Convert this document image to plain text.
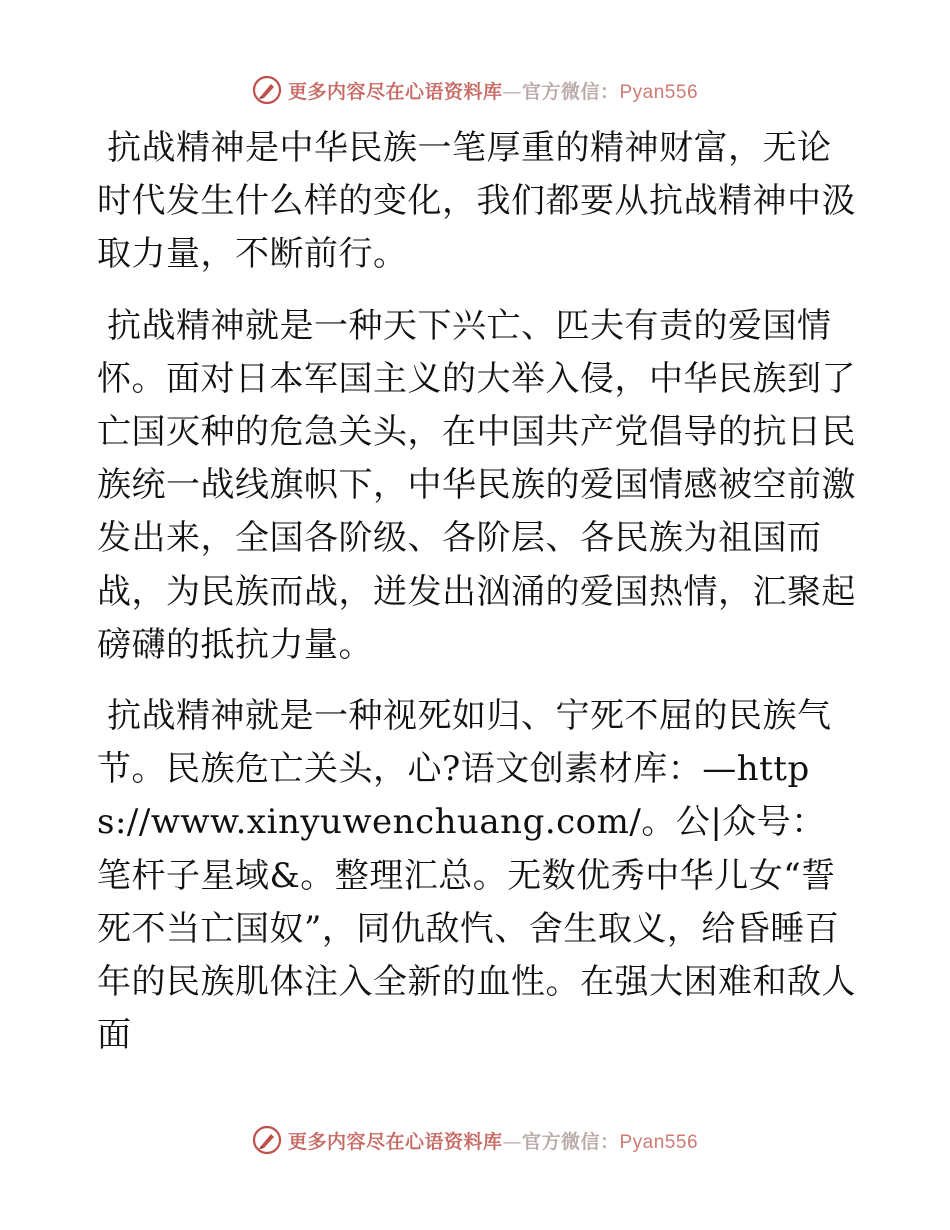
更多内容尽在心语资料库—官方微信：Pyan556

抗战精神是中华民族一笔厚重的精神财富，无论时代发生什么样的变化，我们都要从抗战精神中汲取力量，不断前行。

抗战精神就是一种天下兴亡、匹夫有责的爱国情怀。面对日本军国主义的大举入侵，中华民族到了亡国灭种的危急关头，在中国共产党倡导的抗日民族统一战线旗帜下，中华民族的爱国情感被空前激发出来，全国各阶级、各阶层、各民族为祖国而战，为民族而战，迸发出汹涌的爱国热情，汇聚起磅礴的抵抗力量。

抗战精神就是一种视死如归、宁死不屈的民族气节。民族危亡关头，心?语文创素材库：—https://www.xinyuwenchuang.com/。公|众号：笔杆子星域&。整理汇总。无数优秀中华儿女“誓死不当亡国奴”，同仇敌忾、舍生取义，给昏睡百年的民族肌体注入全新的血性。在强大困难和敌人面

更多内容尽在心语资料库—官方微信：Pyan556
